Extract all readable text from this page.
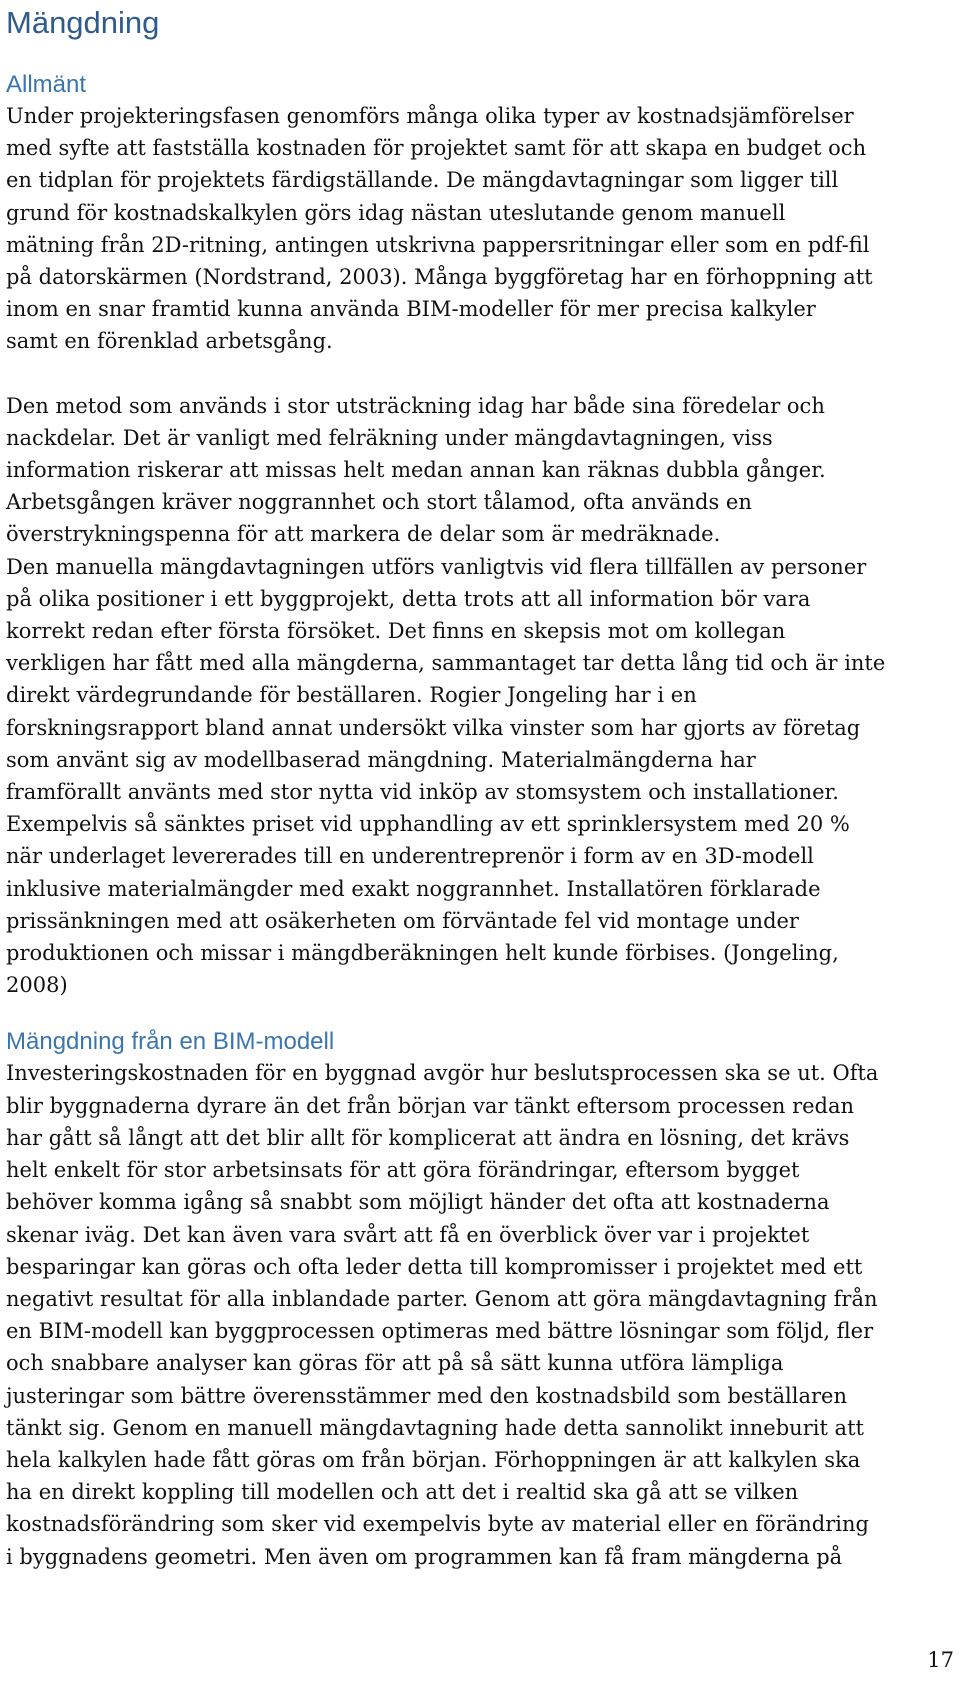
Mängdning
Allmänt

Under projekteringsfasen genomförs många olika typer av kostnadsjämförelser
med syfte att fastställa kostnaden för projektet samt för att skapa en budget och
en tidplan för projektets färdigställande. De mängdavtagningar som ligger till
grund för kostnadskalkylen görs idag nästan uteslutande genom manuell
mätning från 2D-ritning, antingen utskrivna pappersritningar eller som en pdf-fil
på datorskärmen (Nordstrand, 2003). Många byggföretag har en förhoppning att
inom en snar framtid kunna använda BIM-modeller för mer precisa kalkyler
samt en förenklad arbetsgång.

Den metod som används i stor utsträckning idag har både sina föredelar och
nackdelar. Det är vanligt med felräkning under mängdavtagningen, viss
information riskerar att missas helt medan annan kan räknas dubbla gånger.
Arbetsgången kräver noggrannhet och stort tålamod, ofta används en
överstrykningspenna för att markera de delar som är medräknade.
Den manuella mängdavtagningen utförs vanligtvis vid flera tillfällen av personer
på olika positioner i ett byggprojekt, detta trots att all information bör vara
korrekt redan efter första försöket. Det finns en skepsis mot om kollegan
verkligen har fått med alla mängderna, sammantaget tar detta lång tid och är inte
direkt värdegrundande för beställaren. Rogier Jongeling har i en
forskningsrapport bland annat undersökt vilka vinster som har gjorts av företag
som använt sig av modellbaserad mängdning. Materialmängderna har
framförallt använts med stor nytta vid inköp av stomsystem och installationer.
Exempelvis så sänktes priset vid upphandling av ett sprinklersystem med 20 %
när underlaget levererades till en underentreprenör i form av en 3D-modell
inklusive materialmängder med exakt noggrannhet. Installatören förklarade
prissänkningen med att osäkerheten om förväntade fel vid montage under
produktionen och missar i mängdberäkningen helt kunde förbises. (Jongeling,
2008)

Mängdning från en BIM-modell

Investeringskostnaden för en byggnad avgör hur beslutsprocessen ska se ut. Ofta
blir byggnaderna dyrare än det från början var tänkt eftersom processen redan
har gått så långt att det blir allt för komplicerat att ändra en lösning, det krävs
helt enkelt för stor arbetsinsats för att göra förändringar, eftersom bygget
behöver komma igång så snabbt som möjligt händer det ofta att kostnaderna
skenar iväg. Det kan även vara svårt att få en överblick över var i projektet
besparingar kan göras och ofta leder detta till kompromisser i projektet med ett
negativt resultat för alla inblandade parter. Genom att göra mängdavtagning från
en BIM-modell kan byggprocessen optimeras med bättre lösningar som följd, fler
och snabbare analyser kan göras för att på så sätt kunna utföra lämpliga
justeringar som bättre överensstämmer med den kostnadsbild som beställaren
tänkt sig. Genom en manuell mängdavtagning hade detta sannolikt inneburit att
hela kalkylen hade fått göras om från början. Förhoppningen är att kalkylen ska
ha en direkt koppling till modellen och att det i realtid ska gå att se vilken
kostnadsförändring som sker vid exempelvis byte av material eller en förändring
i byggnadens geometri. Men även om programmen kan få fram mängderna på

17
